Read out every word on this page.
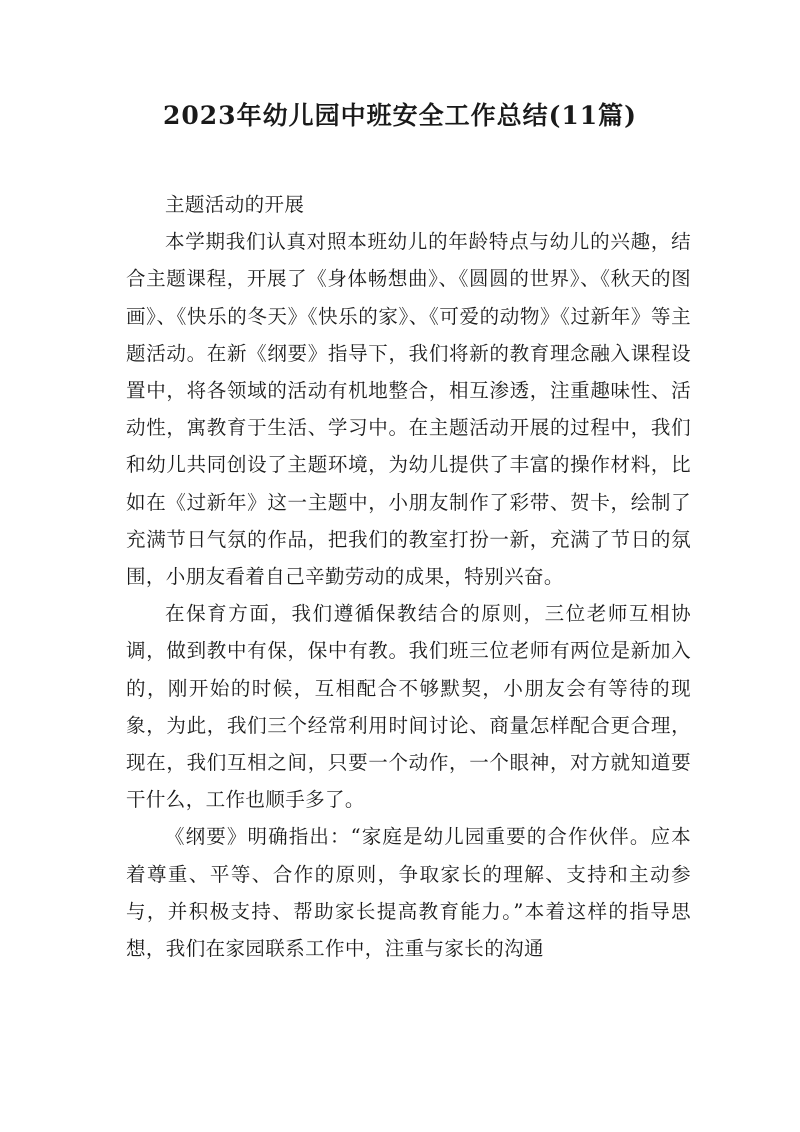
2023年幼儿园中班安全工作总结(11篇)

主题活动的开展

本学期我们认真对照本班幼儿的年龄特点与幼儿的兴趣，结合主题课程，开展了《身体畅想曲》、《圆圆的世界》、《秋天的图画》、《快乐的冬天》《快乐的家》、《可爱的动物》《过新年》等主题活动。在新《纲要》指导下，我们将新的教育理念融入课程设置中，将各领域的活动有机地整合，相互渗透，注重趣味性、活动性，寓教育于生活、学习中。在主题活动开展的过程中，我们和幼儿共同创设了主题环境，为幼儿提供了丰富的操作材料，比如在《过新年》这一主题中，小朋友制作了彩带、贺卡，绘制了充满节日气氛的作品，把我们的教室打扮一新，充满了节日的氛围，小朋友看着自己辛勤劳动的成果，特别兴奋。

在保育方面，我们遵循保教结合的原则，三位老师互相协调，做到教中有保，保中有教。我们班三位老师有两位是新加入的，刚开始的时候，互相配合不够默契，小朋友会有等待的现象，为此，我们三个经常利用时间讨论、商量怎样配合更合理，现在，我们互相之间，只要一个动作，一个眼神，对方就知道要干什么，工作也顺手多了。

《纲要》明确指出：“家庭是幼儿园重要的合作伙伴。应本着尊重、平等、合作的原则，争取家长的理解、支持和主动参与，并积极支持、帮助家长提高教育能力。”本着这样的指导思想，我们在家园联系工作中，注重与家长的沟通
